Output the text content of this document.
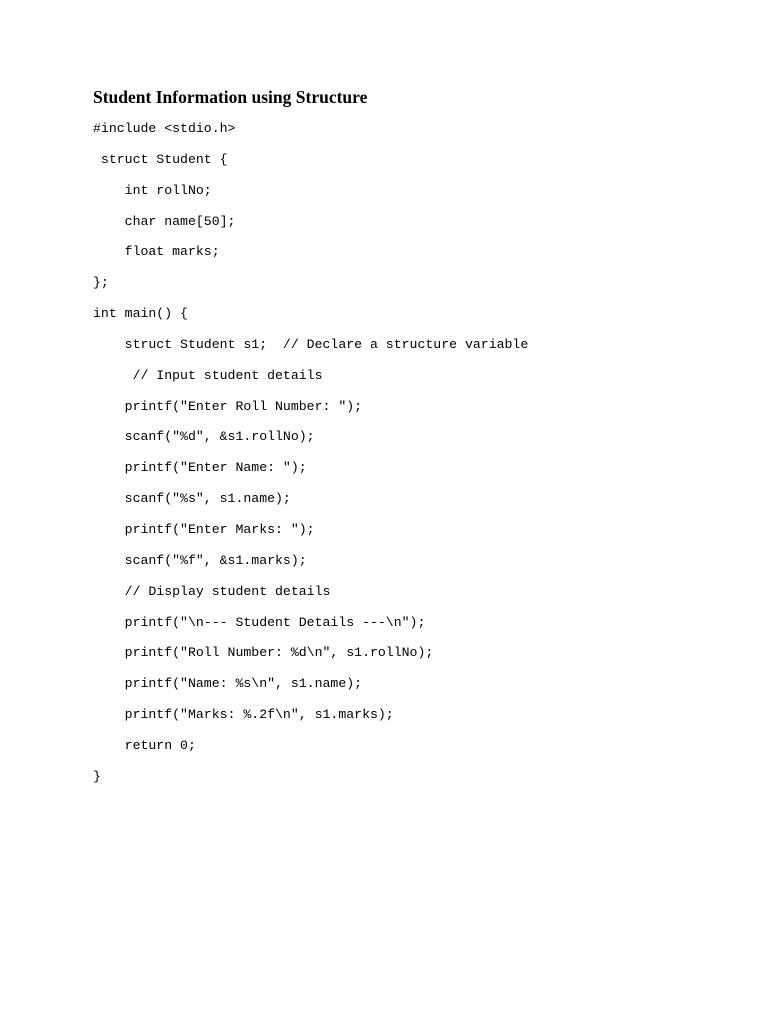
Student Information using Structure
#include <stdio.h>
struct Student {
int rollNo;
char name[50];
float marks;
};
int main() {
struct Student s1;  // Declare a structure variable
// Input student details
printf("Enter Roll Number: ");
scanf("%d", &s1.rollNo);
printf("Enter Name: ");
scanf("%s", s1.name);
printf("Enter Marks: ");
scanf("%f", &s1.marks);
// Display student details
printf("\n--- Student Details ---\n");
printf("Roll Number: %d\n", s1.rollNo);
printf("Name: %s\n", s1.name);
printf("Marks: %.2f\n", s1.marks);
return 0;
}
